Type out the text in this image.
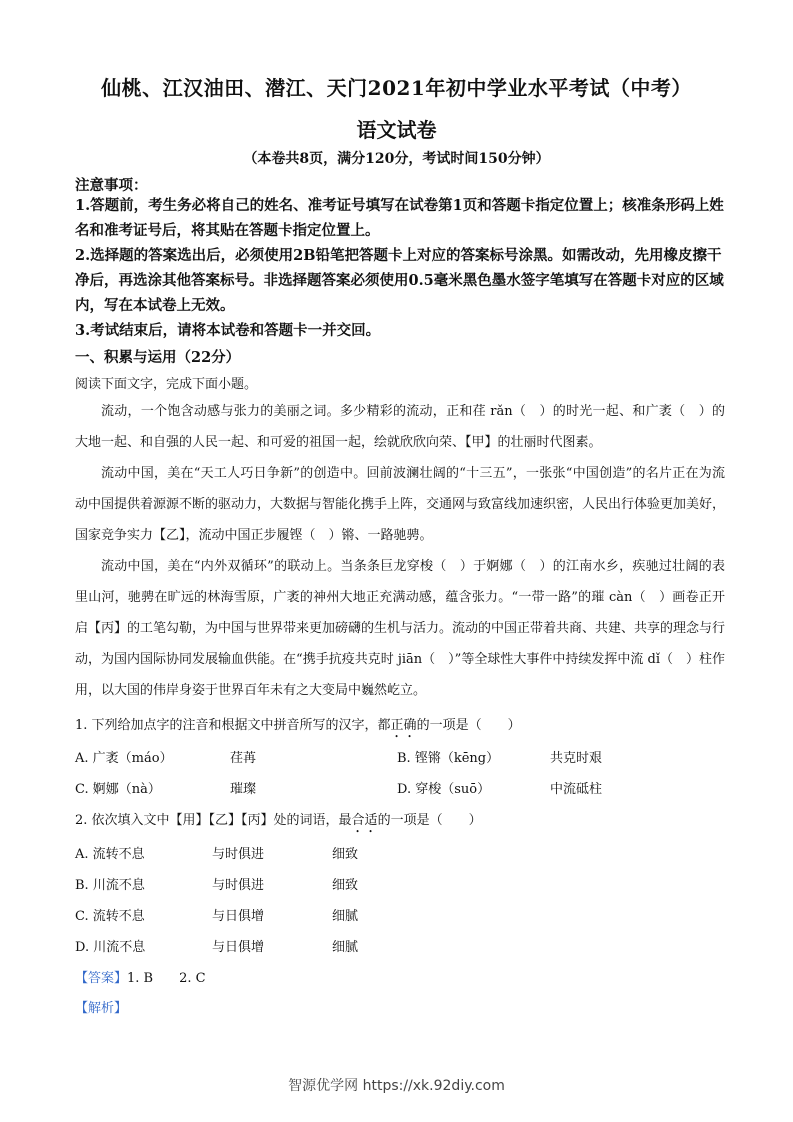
仙桃、江汉油田、潜江、天门2021年初中学业水平考试（中考）
语文试卷
（本卷共8页，满分120分，考试时间150分钟）
注意事项：
1.答题前，考生务必将自己的姓名、准考证号填写在试卷第1页和答题卡指定位置上；核准条形码上姓名和准考证号后，将其贴在答题卡指定位置上。
2.选择题的答案选出后，必须使用2B铅笔把答题卡上对应的答案标号涂黑。如需改动，先用橡皮擦干净后，再选涂其他答案标号。非选择题答案必须使用0.5毫米黑色墨水签字笔填写在答题卡对应的区域内，写在本试卷上无效。
3.考试结束后，请将本试卷和答题卡一并交回。
一、积累与运用（22分）
阅读下面文字，完成下面小题。
流动，一个饱含动感与张力的美丽之词。多少精彩的流动，正和荏 rǎn（　）的时光一起、和广袤（　）的大地一起、和自强的人民一起、和可爱的祖国一起，绘就欣欣向荣、【甲】的壮丽时代图素。
流动中国，美在“天工人巧日争新”的创造中。回前波澜壮阔的“十三五”，一张张“中国创造”的名片正在为流动中国提供着源源不断的驱动力，大数据与智能化携手上阵，交通网与致富线加速织密，人民出行体验更加美好，国家竞争实力【乙】，流动中国正步履铿（　）锵、一路驰骋。
流动中国，美在“内外双循环”的联动上。当条条巨龙穿梭（　）于婀娜（　）的江南水乡，疾驰过壮阔的表里山河，驰骋在旷远的林海雪原，广袤的神州大地正充满动感，蕴含张力。“一带一路”的璀 càn（　）画卷正开启【丙】的工笔勾勒，为中国与世界带来更加磅礴的生机与活力。流动的中国正带着共商、共建、共享的理念与行动，为国内国际协同发展输血供能。在“携手抗疫共克时 jiān（　）”等全球性大事件中持续发挥中流 dǐ（　）柱作用，以大国的伟岸身姿于世界百年未有之大变局中巍然屹立。
1. 下列给加点字的注音和根据文中拼音所写的汉字，都正确的一项是（　　）
A. 广袤（máo）	荏苒	B. 铿锵（kēng）	共克时艰
C. 婀娜（nà）	璀璨	D. 穿梭（suō）	中流砥柱
2. 依次填入文中【用】【乙】【丙】处的词语，最合适的一项是（　　）
A. 流转不息	与时俱进	细致
B. 川流不息	与时俱进	细致
C. 流转不息	与日俱增	细腻
D. 川流不息	与日俱增	细腻
【答案】1. B　　2. C
【解析】
智源优学网 https://xk.92diy.com
